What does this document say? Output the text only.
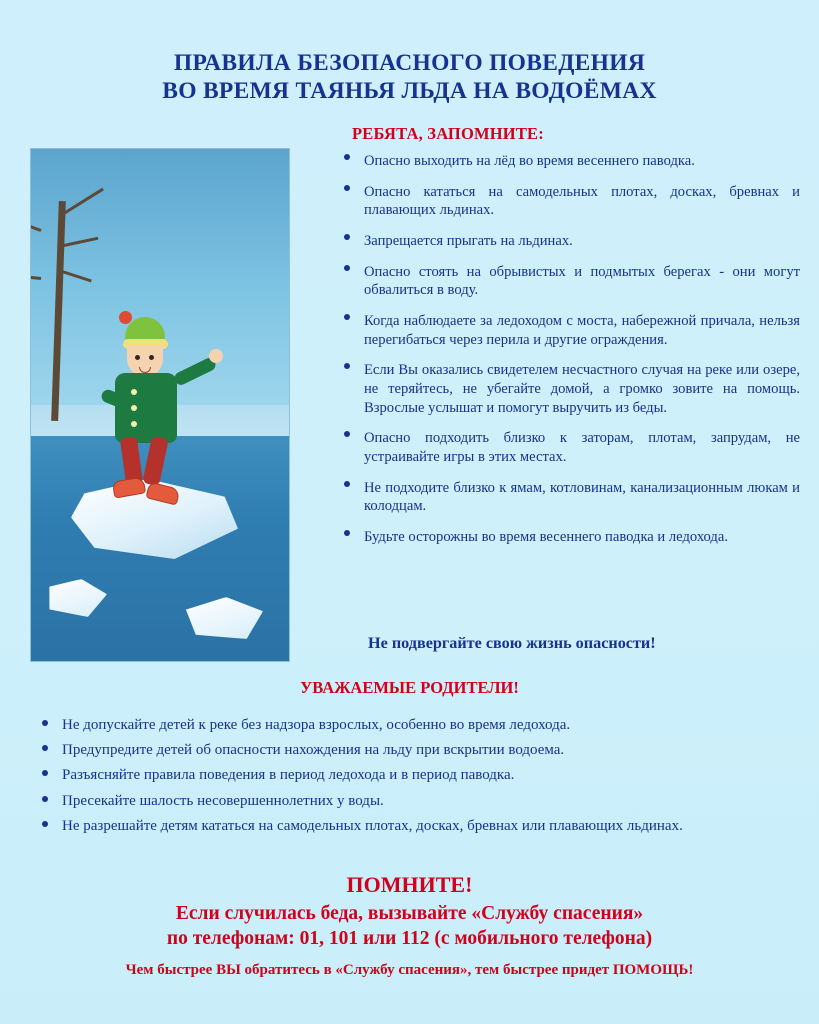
ПРАВИЛА БЕЗОПАСНОГО ПОВЕДЕНИЯ
ВО ВРЕМЯ ТАЯНЬЯ ЛЬДА НА ВОДОЁМАХ
РЕБЯТА, ЗАПОМНИТЕ:
Опасно выходить на лёд во время весеннего паводка.
Опасно кататься на самодельных плотах, досках, бревнах и плавающих льдинах.
Запрещается прыгать на льдинах.
Опасно стоять на обрывистых и подмытых берегах - они могут обвалиться в воду.
Когда наблюдаете за ледоходом с моста, набережной причала, нельзя перегибаться через перила и другие ограждения.
Если Вы оказались свидетелем несчастного случая на реке или озере, не теряйтесь, не убегайте домой, а громко зовите на помощь. Взрослые услышат и помогут выручить из беды.
Опасно подходить близко к заторам, плотам, запрудам, не устраивайте игры в этих местах.
Не подходите близко к ямам, котловинам, канализационным люкам и колодцам.
Будьте осторожны во время весеннего паводка и ледохода.
Не подвергайте свою жизнь опасности!
УВАЖАЕМЫЕ РОДИТЕЛИ!
Не допускайте детей к реке без надзора взрослых, особенно во время ледохода.
Предупредите детей об опасности нахождения на льду при вскрытии водоема.
Разъясняйте правила поведения в период ледохода и в период паводка.
Пресекайте шалость несовершеннолетних у воды.
Не разрешайте детям кататься на самодельных плотах, досках, бревнах или плавающих льдинах.
ПОМНИТЕ!
Если случилась беда, вызывайте «Службу спасения»
по телефонам: 01, 101 или 112 (с мобильного телефона)
Чем быстрее ВЫ обратитесь в «Службу спасения», тем быстрее придет ПОМОЩЬ!
